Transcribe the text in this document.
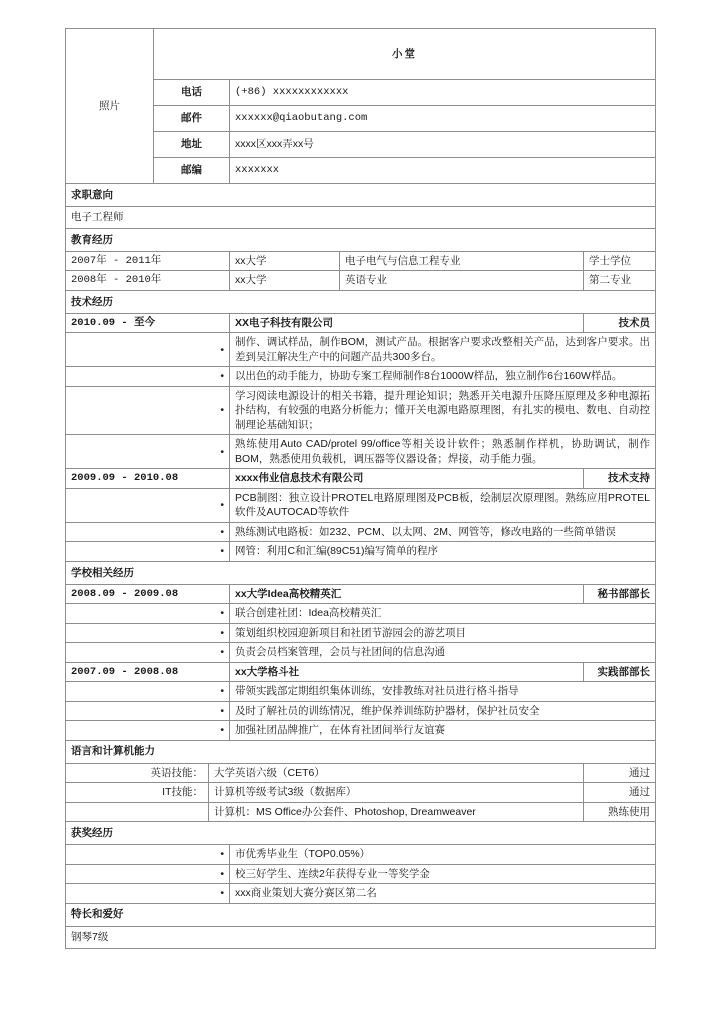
照片	小堂				
	电话		(+86) xxxxxxxxxxxx		
	邮件		xxxxxx@qiaobutang.com		
	地址		xxxx区xxx弄xx号		
	邮编		xxxxxxx		
求职意向					
电子工程师					
教育经历					
2007年 - 2011年			xx大学	电子电气与信息工程专业	学士学位
2008年 - 2010年			xx大学	英语专业	第二专业
技术经历					
2010.09 - 至今			XX电子科技有限公司		技术员
•			制作、调试样品，制作BOM，测试产品。根据客户要求改整相关产品，达到客户要求。出差到吴江解决生产中的问题产品共300多台。		
•			以出色的动手能力，协助专案工程师制作8台1000W样品，独立制作6台160W样品。		
•			学习阅读电源设计的相关书籍，提升理论知识；熟悉开关电源升压降压原理及多种电源拓扑结构，有较强的电路分析能力；懂开关电源电路原理图，有扎实的模电、数电、自动控制理论基础知识；		
•			熟练使用Auto CAD/protel 99/office等相关设计软件；熟悉制作样机，协助调试，制作BOM，熟悉使用负载机，调压器等仪器设备；焊接，动手能力强。		
2009.09 - 2010.08			xxxx伟业信息技术有限公司		技术支持
•			PCB制图：独立设计PROTEL电路原理图及PCB板，绘制层次原理图。熟练应用PROTEL软件及AUTOCAD等软件		
•			熟练测试电路板：如232、PCM、以太网、2M、网管等，修改电路的一些简单错误		
•			网管：利用C和汇编(89C51)编写简单的程序		
学校相关经历					
2008.09 - 2009.08			xx大学Idea高校精英汇		秘书部部长
•			联合创建社团：Idea高校精英汇		
•			策划组织校园迎新项目和社团节游园会的游艺项目		
•			负责会员档案管理，会员与社团间的信息沟通		
2007.09 - 2008.08			xx大学格斗社		实践部部长
•			带领实践部定期组织集体训练，安排教练对社员进行格斗指导		
•			及时了解社员的训练情况，维护保养训练防护器材，保护社员安全		
•			加强社团品牌推广，在体育社团间举行友谊赛		
语言和计算机能力					
英语技能：		大学英语六级（CET6）			通过
IT技能：		计算机等级考试3级（数据库）			通过
		计算机：MS Office办公套件、Photoshop, Dreamweaver			熟练使用
获奖经历					
•			市优秀毕业生（TOP0.05%）		
•			校三好学生、连续2年获得专业一等奖学金		
•			xxx商业策划大赛分赛区第二名		
特长和爱好					
钢琴7级					
